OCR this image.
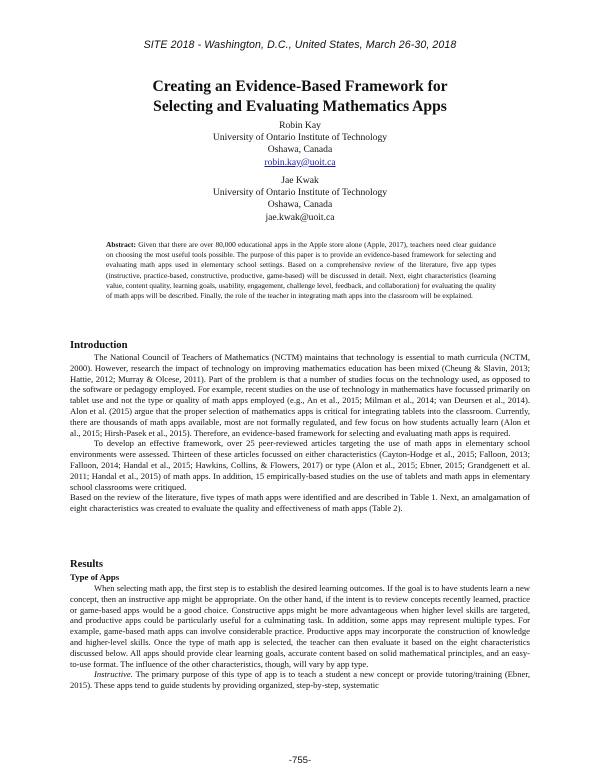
SITE 2018 - Washington, D.C., United States, March 26-30, 2018
Creating an Evidence-Based Framework for
Selecting and Evaluating Mathematics Apps
Robin Kay
University of Ontario Institute of Technology
Oshawa, Canada
robin.kay@uoit.ca
Jae Kwak
University of Ontario Institute of Technology
Oshawa, Canada
jae.kwak@uoit.ca
Abstract: Given that there are over 80,000 educational apps in the Apple store alone (Apple, 2017), teachers need clear guidance on choosing the most useful tools possible. The purpose of this paper is to provide an evidence-based framework for selecting and evaluating math apps used in elementary school settings. Based on a comprehensive review of the literature, five app types (instructive, practice-based, constructive, productive, game-based) will be discussed in detail. Next, eight characteristics (learning value, content quality, learning goals, usability, engagement, challenge level, feedback, and collaboration) for evaluating the quality of math apps will be described. Finally, the role of the teacher in integrating math apps into the classroom will be explained.
Introduction

The National Council of Teachers of Mathematics (NCTM) maintains that technology is essential to math curricula (NCTM, 2000). However, research the impact of technology on improving mathematics education has been mixed (Cheung & Slavin, 2013; Hattie, 2012; Murray & Olcese, 2011). Part of the problem is that a number of studies focus on the technology used, as opposed to the software or pedagogy employed. For example, recent studies on the use of technology in mathematics have focussed primarily on tablet use and not the type or quality of math apps employed (e.g., An et al., 2015; Milman et al., 2014; van Deursen et al., 2014). Alon et al. (2015) argue that the proper selection of mathematics apps is critical for integrating tablets into the classroom. Currently, there are thousands of math apps available, most are not formally regulated, and few focus on how students actually learn (Alon et al., 2015; Hirsh-Pasek et al., 2015). Therefore, an evidence-based framework for selecting and evaluating math apps is required.

To develop an effective framework, over 25 peer-reviewed articles targeting the use of math apps in elementary school environments were assessed. Thirteen of these articles focussed on either characteristics (Cayton-Hodge et al., 2015; Falloon, 2013; Falloon, 2014; Handal et al., 2015; Hawkins, Collins, & Flowers, 2017) or type (Alon et al., 2015; Ebner, 2015; Grandgenett et al. 2011; Handal et al., 2015) of math apps. In addition, 15 empirically-based studies on the use of tablets and math apps in elementary school classrooms were critiqued.

Based on the review of the literature, five types of math apps were identified and are described in Table 1. Next, an amalgamation of eight characteristics was created to evaluate the quality and effectiveness of math apps (Table 2).

Results
Type of Apps

When selecting math app, the first step is to establish the desired learning outcomes. If the goal is to have students learn a new concept, then an instructive app might be appropriate. On the other hand, if the intent is to review concepts recently learned, practice or game-based apps would be a good choice. Constructive apps might be more advantageous when higher level skills are targeted, and productive apps could be particularly useful for a culminating task. In addition, some apps may represent multiple types. For example, game-based math apps can involve considerable practice. Productive apps may incorporate the construction of knowledge and higher-level skills. Once the type of math app is selected, the teacher can then evaluate it based on the eight characteristics discussed below. All apps should provide clear learning goals, accurate content based on solid mathematical principles, and an easy-to-use format. The influence of the other characteristics, though, will vary by app type.

Instructive. The primary purpose of this type of app is to teach a student a new concept or provide tutoring/training (Ebner, 2015). These apps tend to guide students by providing organized, step-by-step, systematic

-755-
